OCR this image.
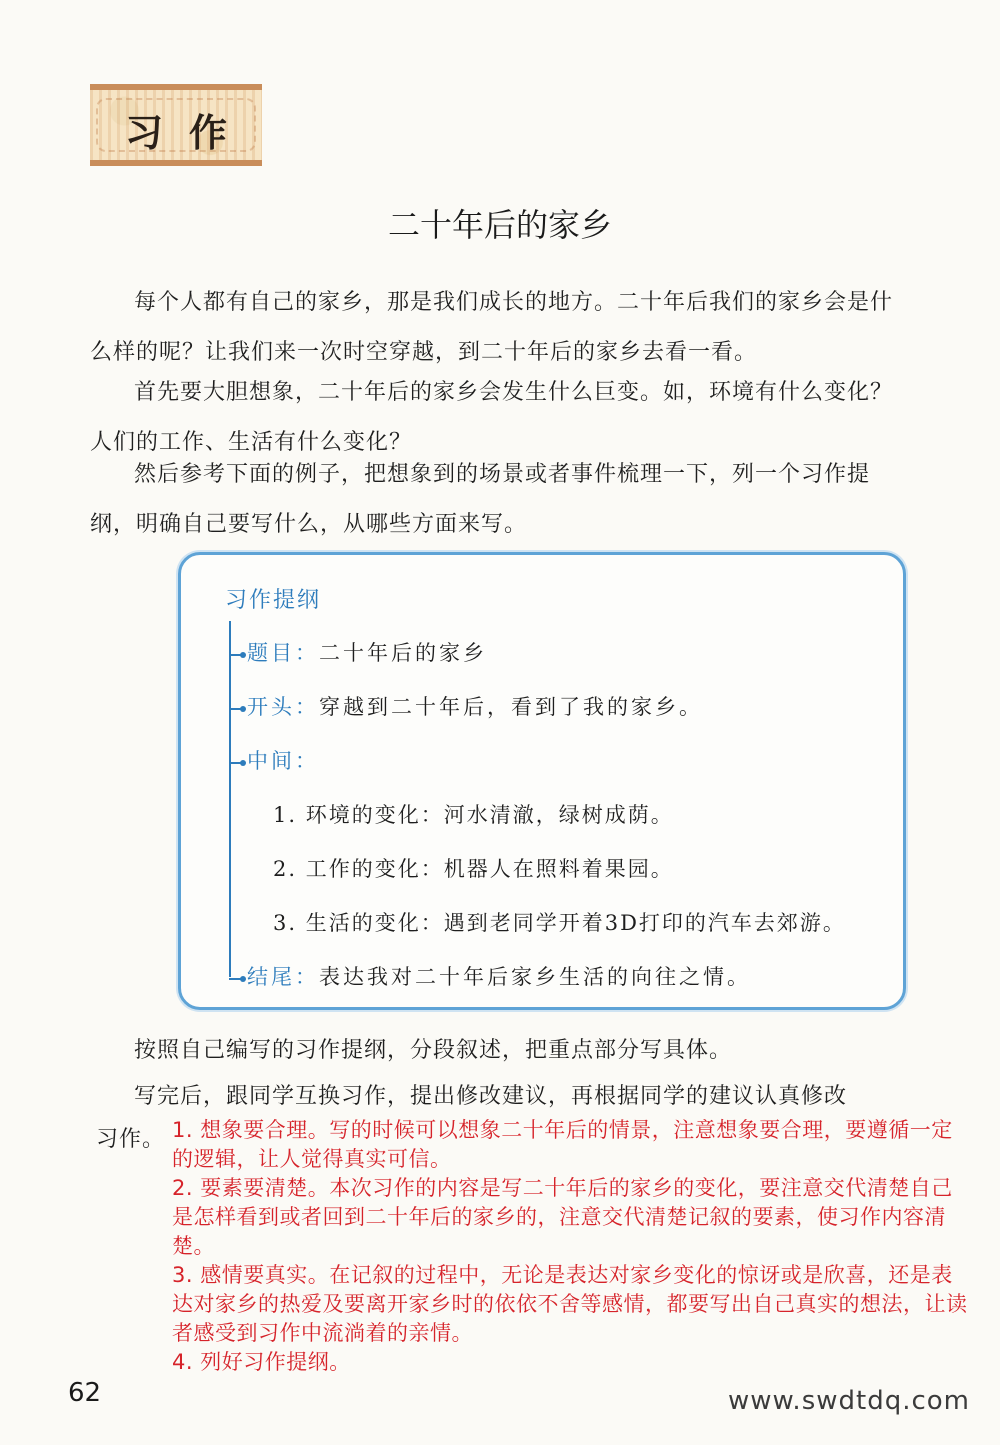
习作
二十年后的家乡

每个人都有自己的家乡，那是我们成长的地方。二十年后我们的家乡会是什么样的呢？让我们来一次时空穿越，到二十年后的家乡去看一看。

首先要大胆想象，二十年后的家乡会发生什么巨变。如，环境有什么变化？人们的工作、生活有什么变化？

然后参考下面的例子，把想象到的场景或者事件梳理一下，列一个习作提纲，明确自己要写什么，从哪些方面来写。

习作提纲
题目：二十年后的家乡
开头：穿越到二十年后，看到了我的家乡。
中间：
1. 环境的变化：河水清澈，绿树成荫。
2. 工作的变化：机器人在照料着果园。
3. 生活的变化：遇到老同学开着3D打印的汽车去郊游。
结尾：表达我对二十年后家乡生活的向往之情。

按照自己编写的习作提纲，分段叙述，把重点部分写具体。

写完后，跟同学互换习作，提出修改建议，再根据同学的建议认真修改

习作。 1. 想象要合理。写的时候可以想象二十年后的情景，注意想象要合理，要遵循一定的逻辑，让人觉得真实可信。

2. 要素要清楚。本次习作的内容是写二十年后的家乡的变化，要注意交代清楚自己是怎样看到或者回到二十年后的家乡的，注意交代清楚记叙的要素，使习作内容清楚。

3. 感情要真实。在记叙的过程中，无论是表达对家乡变化的惊讶或是欣喜，还是表达对家乡的热爱及要离开家乡时的依依不舍等感情，都要写出自己真实的想法，让读者感受到习作中流淌着的亲情。

4. 列好习作提纲。

62	www.swdtdq.com
